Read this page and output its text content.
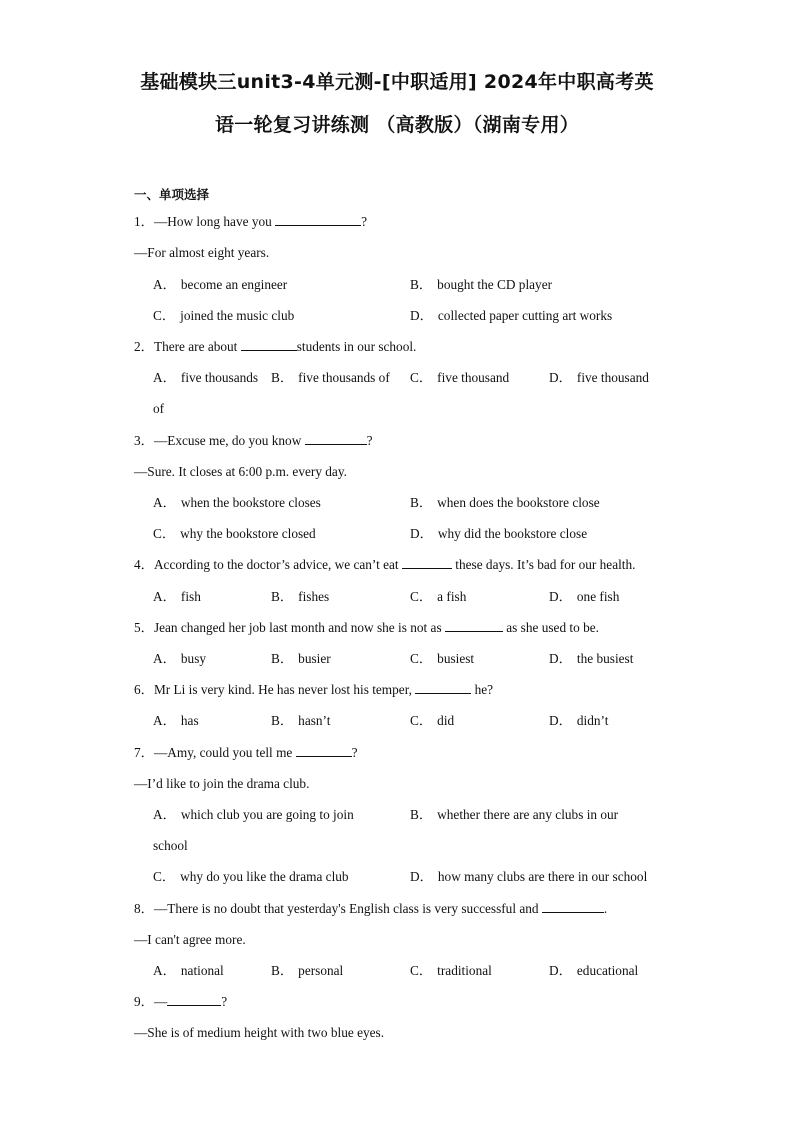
基础模块三unit3-4单元测-[中职适用] 2024年中职高考英
语一轮复习讲练测 （高教版）（湖南专用）
一、单项选择
1．—How long have you	?
—For almost eight years.
A． become an engineer	B． bought the CD player
C． joined the music club	D． collected paper cutting art works
2．There are about	students in our school.
A． five thousands B． five thousands of C． five thousand	D． five thousand
of
3．—Excuse me, do you know	?
—Sure. It closes at 6:00 p.m. every day.
A． when the bookstore closes	B． when does the bookstore close
C． why the bookstore closed	D． why did the bookstore close
4．According to the doctor’s advice, we can’t eat	these days. It’s bad for our health.
A． fish	B． fishes	C． a fish	D． one fish
5．Jean changed her job last month and now she is not as	as she used to be.
A． busy	B． busier	C． busiest	D． the busiest
6．Mr Li is very kind. He has never lost his temper,	he?
A． has	B． hasn’t	C． did	D． didn’t
7．—Amy, could you tell me	?
—I’d like to join the drama club.
A． which club you are going to join	B． whether there are any clubs in our
school
C． why do you like the drama club	D． how many clubs are there in our school
8．—There is no doubt that yesterday's English class is very successful and	.
—I can't agree more.
A． national	B． personal	C． traditional	D． educational
9．—	?
—She is of medium height with two blue eyes.
